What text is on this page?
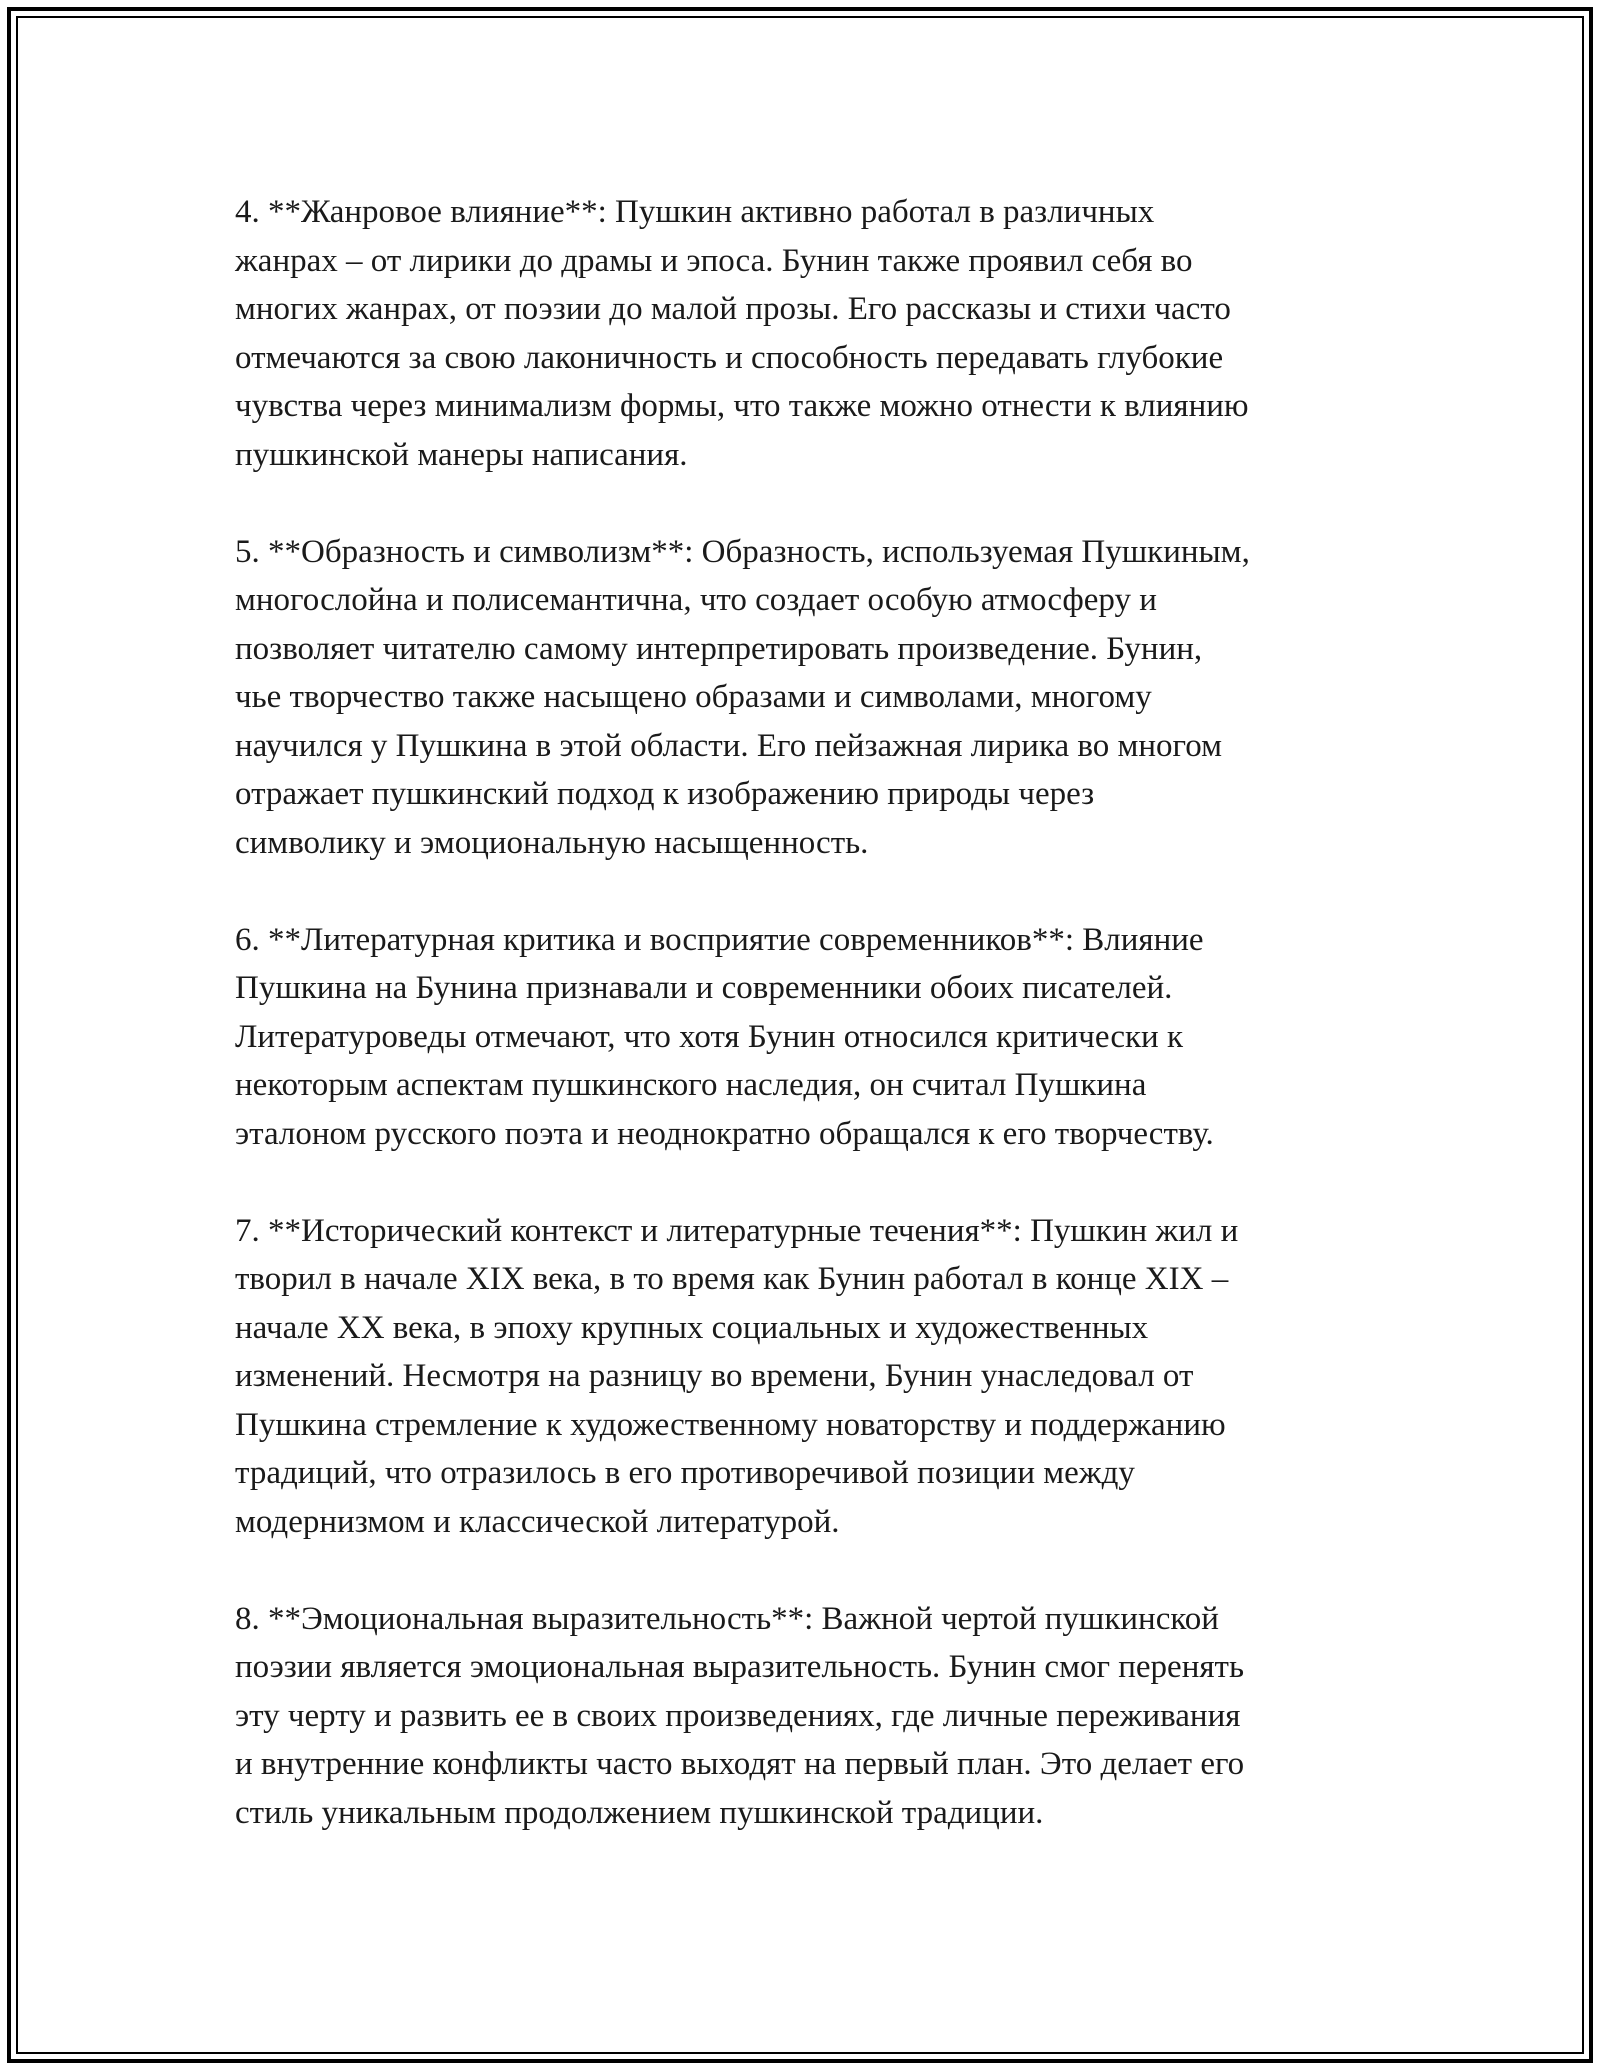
4. **Жанровое влияние**: Пушкин активно работал в различных
жанрах – от лирики до драмы и эпоса. Бунин также проявил себя во
многих жанрах, от поэзии до малой прозы. Его рассказы и стихи часто
отмечаются за свою лаконичность и способность передавать глубокие
чувства через минимализм формы, что также можно отнести к влиянию
пушкинской манеры написания.
5. **Образность и символизм**: Образность, используемая Пушкиным,
многослойна и полисемантична, что создает особую атмосферу и
позволяет читателю самому интерпретировать произведение. Бунин,
чье творчество также насыщено образами и символами, многому
научился у Пушкина в этой области. Его пейзажная лирика во многом
отражает пушкинский подход к изображению природы через
символику и эмоциональную насыщенность.
6. **Литературная критика и восприятие современников**: Влияние
Пушкина на Бунина признавали и современники обоих писателей.
Литературоведы отмечают, что хотя Бунин относился критически к
некоторым аспектам пушкинского наследия, он считал Пушкина
эталоном русского поэта и неоднократно обращался к его творчеству.
7. **Исторический контекст и литературные течения**: Пушкин жил и
творил в начале XIX века, в то время как Бунин работал в конце XIX –
начале XX века, в эпоху крупных социальных и художественных
изменений. Несмотря на разницу во времени, Бунин унаследовал от
Пушкина стремление к художественному новаторству и поддержанию
традиций, что отразилось в его противоречивой позиции между
модернизмом и классической литературой.
8. **Эмоциональная выразительность**: Важной чертой пушкинской
поэзии является эмоциональная выразительность. Бунин смог перенять
эту черту и развить ее в своих произведениях, где личные переживания
и внутренние конфликты часто выходят на первый план. Это делает его
стиль уникальным продолжением пушкинской традиции.
